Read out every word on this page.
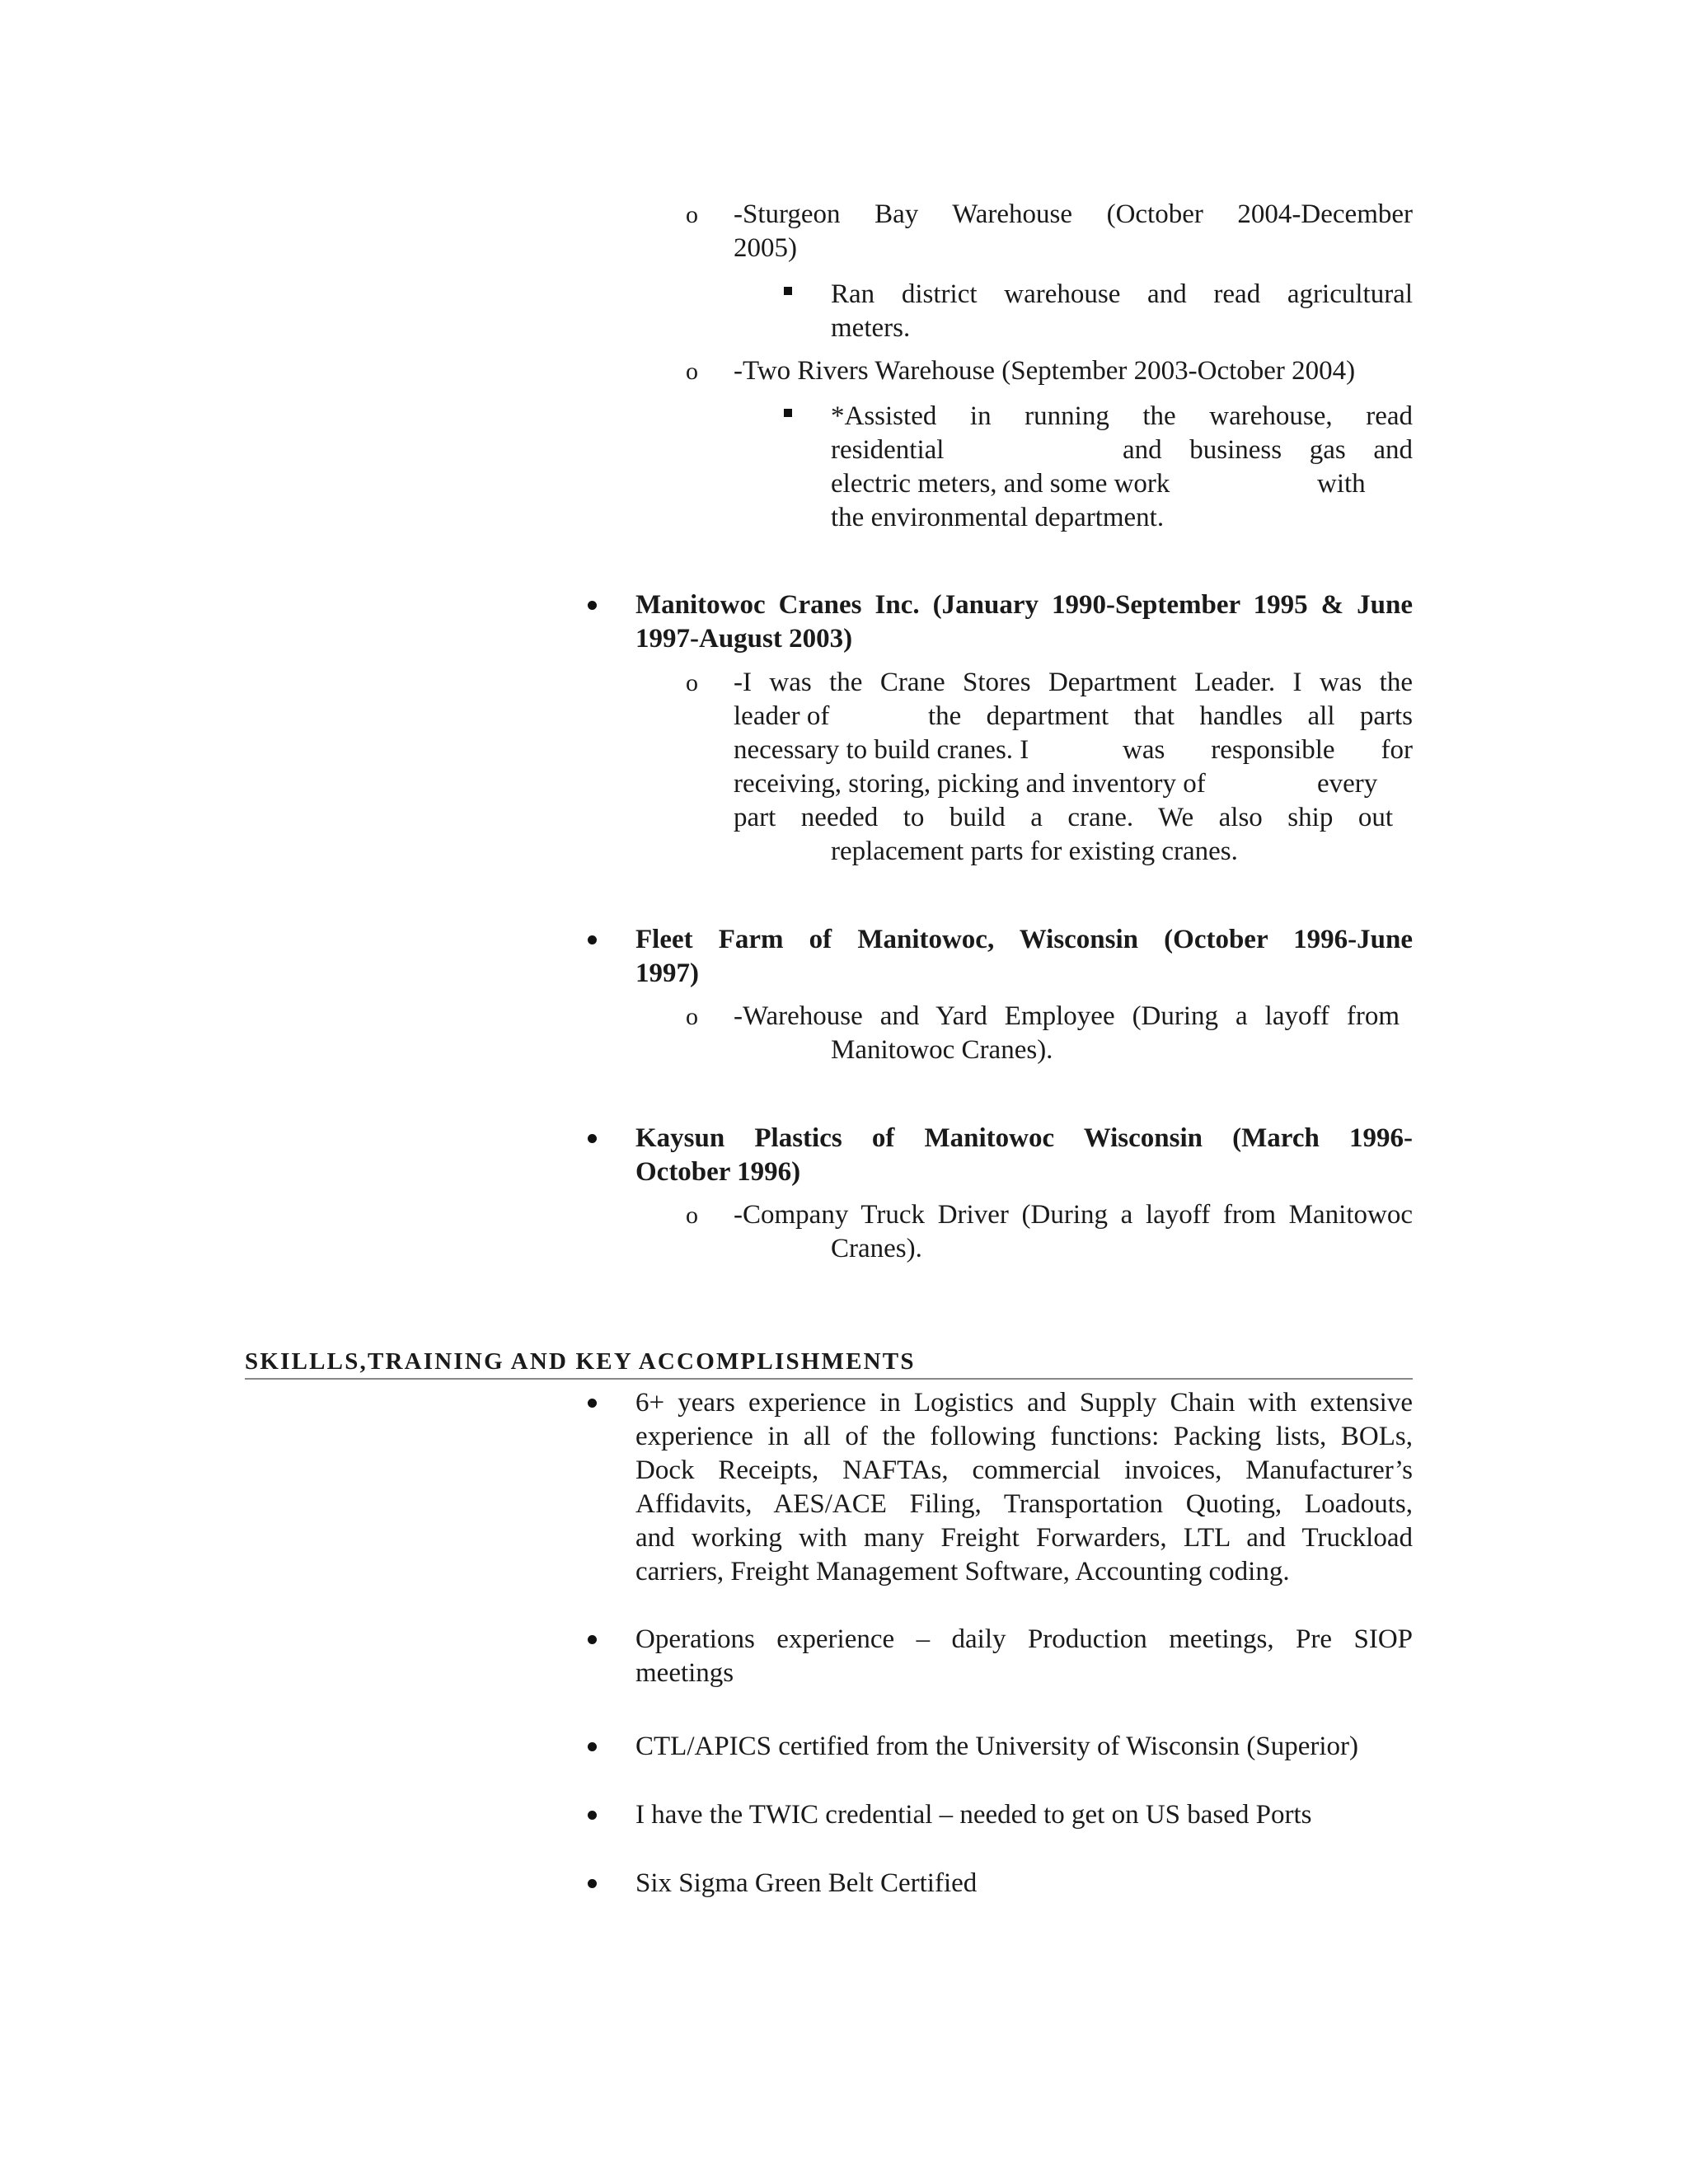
o -Sturgeon Bay Warehouse (October 2004-December
2005)
Ran district warehouse and read agricultural
meters.
o -Two Rivers Warehouse (September 2003-October 2004)
*Assisted in running the warehouse, read
residential	and business gas and
electric meters, and some work	with
the environmental department.
Manitowoc Cranes Inc. (January 1990-September 1995 & June
1997-August 2003)
o -I was the Crane Stores Department Leader. I was the
leader of	the department that handles all parts
necessary to build cranes. I	was responsible for
receiving, storing, picking and inventory of	every
part needed to build a crane. We also ship out
replacement parts for existing cranes.
Fleet Farm of Manitowoc, Wisconsin (October 1996-June
1997)
o -Warehouse and Yard Employee (During a layoff from
Manitowoc Cranes).
Kaysun Plastics of Manitowoc Wisconsin (March 1996-
October 1996)
o -Company Truck Driver (During a layoff from Manitowoc
Cranes).
SKILLLS,TRAINING AND KEY ACCOMPLISHMENTS
6+ years experience in Logistics and Supply Chain with extensive
experience in all of the following functions: Packing lists, BOLs,
Dock Receipts, NAFTAs, commercial invoices, Manufacturer’s
Affidavits, AES/ACE Filing, Transportation Quoting, Loadouts,
and working with many Freight Forwarders, LTL and Truckload
carriers, Freight Management Software, Accounting coding.
Operations experience – daily Production meetings, Pre SIOP
meetings
CTL/APICS certified from the University of Wisconsin (Superior)
I have the TWIC credential – needed to get on US based Ports
Six Sigma Green Belt Certified
